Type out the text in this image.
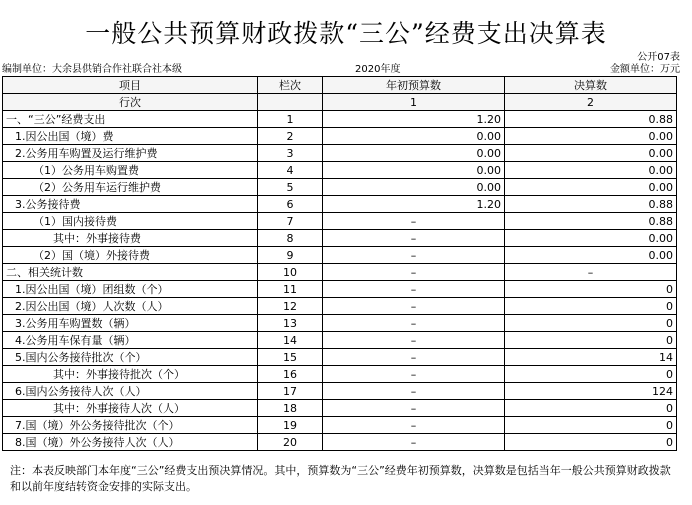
一般公共预算财政拨款“三公”经费支出决算表
公开07表
编制单位：大余县供销合作社联合社本级	2020年度	金额单位：万元
项目	栏次	年初预算数	决算数
行次		1	2
一、“三公”经费支出	1	1.20	0.88
1.因公出国（境）费	2	0.00	0.00
2.公务用车购置及运行维护费	3	0.00	0.00
（1）公务用车购置费	4	0.00	0.00
（2）公务用车运行维护费	5	0.00	0.00
3.公务接待费	6	1.20	0.88
（1）国内接待费	7	–	0.88
其中：外事接待费	8	–	0.00
（2）国（境）外接待费	9	–	0.00
二、相关统计数	10	–	–
1.因公出国（境）团组数（个）	11	–	0
2.因公出国（境）人次数（人）	12	–	0
3.公务用车购置数（辆）	13	–	0
4.公务用车保有量（辆）	14	–	0
5.国内公务接待批次（个）	15	–	14
其中：外事接待批次（个）	16	–	0
6.国内公务接待人次（人）	17	–	124
其中：外事接待人次（人）	18	–	0
7.国（境）外公务接待批次（个）	19	–	0
8.国（境）外公务接待人次（人）	20	–	0
注：本表反映部门本年度“三公”经费支出预决算情况。其中，预算数为“三公”经费年初预算数，决算数是包括当年一般公共预算财政拨款和以前年度结转资金安排的实际支出。
